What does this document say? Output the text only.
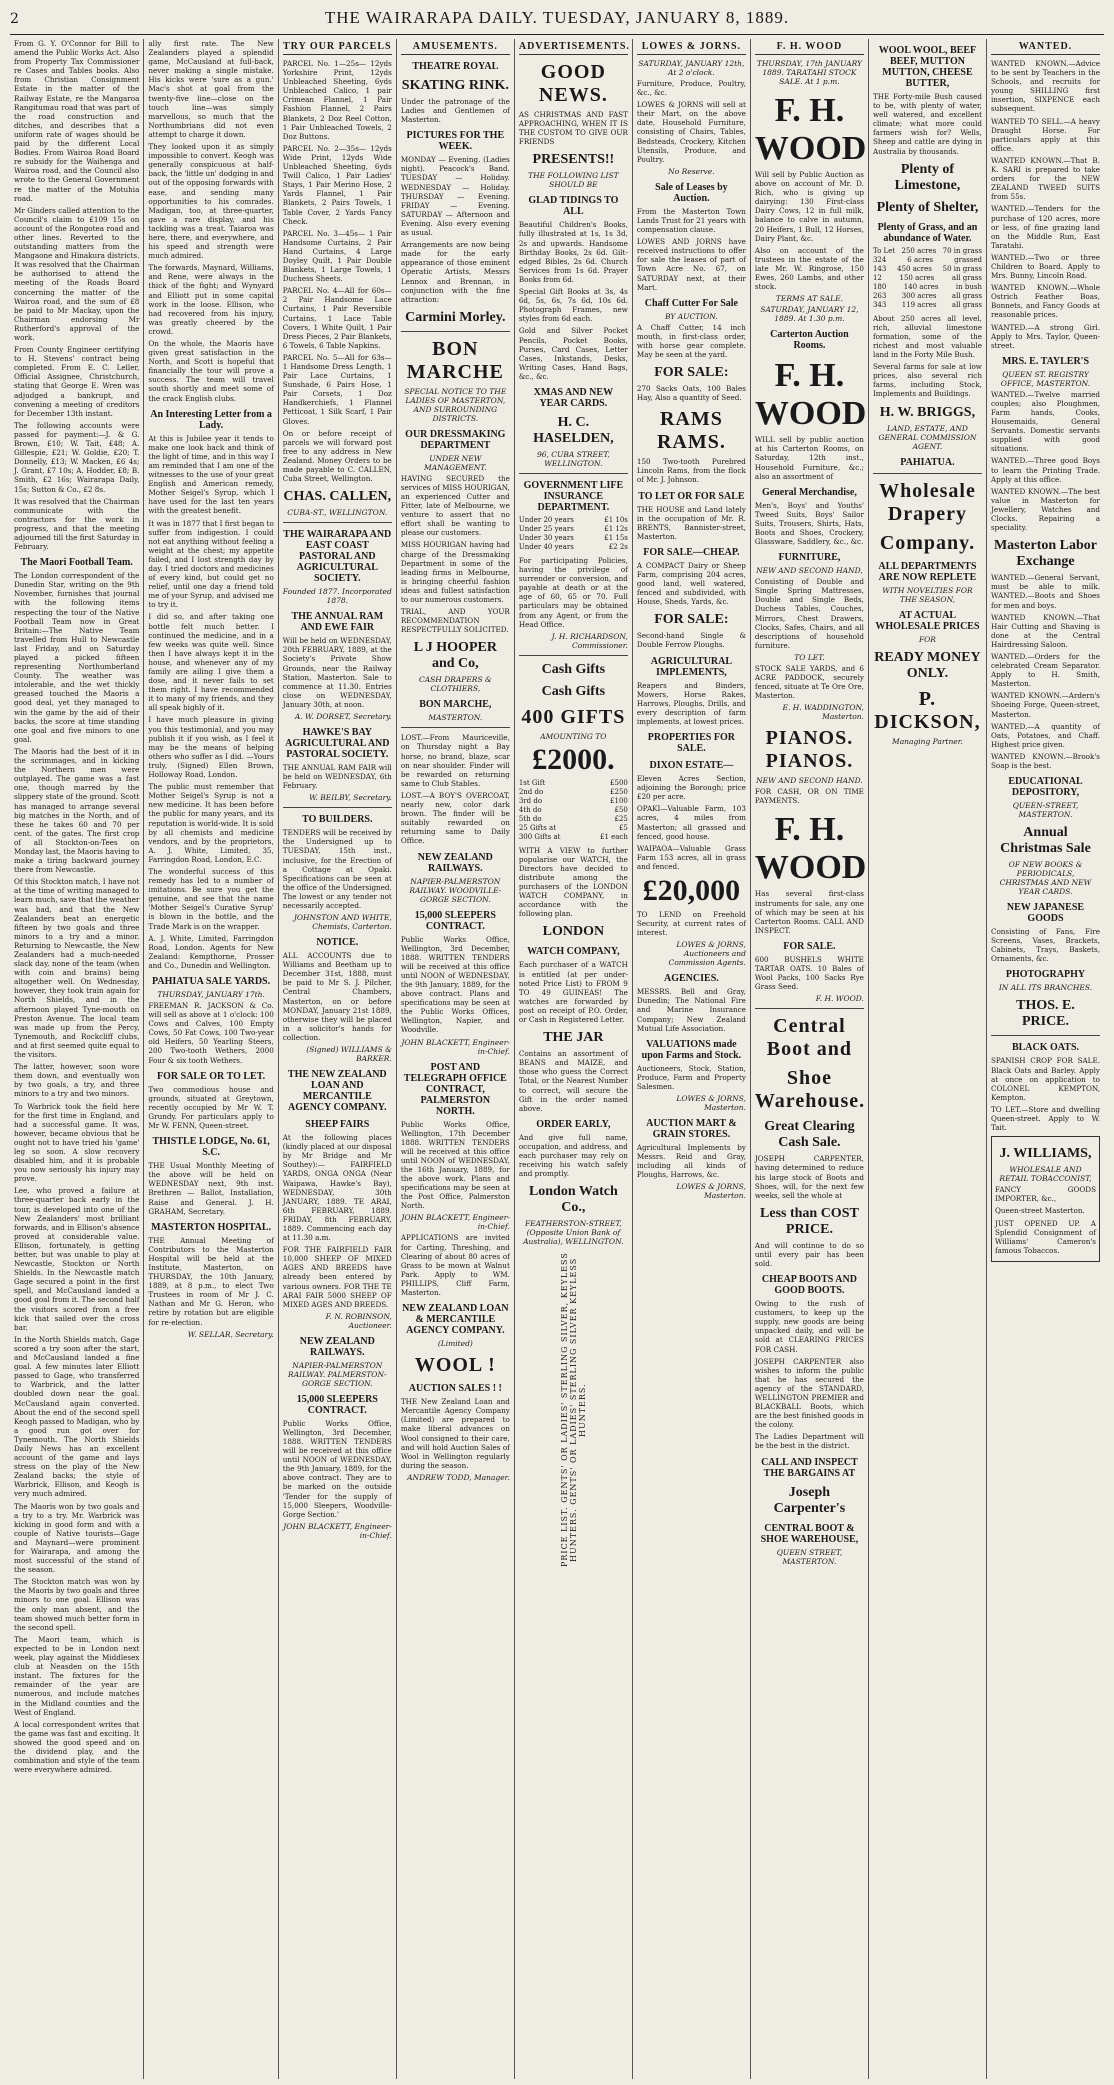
2	THE WAIRARAPA DAILY. TUESDAY, JANUARY 8, 1889.

From G. Y. O'Connor for Bill to amend the Public Works Act. Also from Property Tax Commissioner re Cases and Tables books. Also from Christian Consignment Estate in the matter of the Railway Estate, re the Mangaroa Rangitumau road that was part of the road construction and ditches, and describes that a uniform rate of wages should be paid by the different Local Bodies. From Wairoa Road Board re subsidy for the Waihenga and Wairoa road, and the Council also wrote to the General Government re the matter of the Motuhia road.

Mr Ginders called attention to the Council's claim to £109 15s on account of the Rongotea road and other lines. Reverted to the outstanding matters from the Mangaone and Hinakura districts. It was resolved that the Chairman be authorised to attend the meeting of the Roads Board concerning the matter of the Wairoa road, and the sum of £8 be paid to Mr Mackay, upon the Chairman endorsing Mr Rutherford's approval of the work.

From County Engineer certifying to H. Stevens' contract being completed. From E. C. Leller, Official Assignee, Christchurch, stating that George E. Wren was adjudged a bankrupt, and convening a meeting of creditors for December 13th instant.

The following accounts were passed for payment:—J. & G. Brown, £10; W. Tait, £48; A. Gillespie, £21; W. Goldie, £20; T. Donnelly, £13; W. Macken, £6 4s; J. Grant, £7 10s; A. Hodder, £8; B. Smith, £2 16s; Wairarapa Daily, 15s; Sutton & Co., £2 8s.

It was resolved that the Chairman communicate with the contractors for the work in progress, and that the meeting adjourned till the first Saturday in February.

The Maori Football Team.

The London correspondent of the Dunedin Star, writing on the 9th November, furnishes that journal with the following items respecting the tour of the Native Football Team now in Great Britain:—The Native Team travelled from Hull to Newcastle last Friday, and on Saturday played a picked fifteen representing Northumberland County. The weather was intolerable, and the wet thickly greased touched the Maoris a good deal, yet they managed to win the game by the aid of their backs, the score at time standing one goal and five minors to one goal.

The Maoris had the best of it in the scrimmages, and in kicking the Northern men were outplayed. The game was a fast one, though marred by the slippery state of the ground. Scott has managed to arrange several big matches in the North, and of these he takes 60 and 70 per cent. of the gates. The first crop of all Stockton-on-Tees on Monday last, the Maoris having to make a tiring backward journey there from Newcastle.

Of this Stockton match, I have not at the time of writing managed to learn much, save that the weather was bad, and that the New Zealanders beat an energetic fifteen by two goals and three minors to a try and a minor. Returning to Newcastle, the New Zealanders had a much-needed slack day, none of the team (when with coin and brains) being altogether well. On Wednesday, however, they took train again for North Shields, and in the afternoon played Tyne-mouth on Preston Avenue. The local team was made up from the Percy, Tynemouth, and Rockcliff clubs, and at first seemed quite equal to the visitors.

The latter, however, soon wore them down, and eventually won by two goals, a try, and three minors to a try and two minors.

To Warbrick took the field here for the first time in England, and had a successful game. It was, however, became obvious that he ought not to have tried his 'game' leg so soon. A slow recovery disabled him, and it is probable you now seriously his injury may prove.

Lee, who proved a failure at three-quarter back early in the tour, is developed into one of the New Zealanders' most brilliant forwards, and in Ellison's absence proved at considerable value. Ellison, fortunately, is getting better, but was unable to play at Newcastle, Stockton or North Shields. In the Newcastle match Gage secured a point in the first spell, and McCausland landed a good goal from it. The second half the visitors scored from a free kick that sailed over the cross bar.

In the North Shields match, Gage scored a try soon after the start, and McCausland landed a fine goal. A few minutes later Elliott passed to Gage, who transferred to Warbrick, and the latter doubled down near the goal. McCausland again converted. About the end of the second spell Keogh passed to Madigan, who by a good run got over for Tynemouth. The North Shields Daily News has an excellent account of the game and lays stress on the play of the New Zealand backs; the style of Warbrick, Ellison, and Keogh is very much admired.

The Maoris won by two goals and a try to a try. Mr. Warbrick was kicking in good form and with a couple of Native tourists—Gage and Maynard—were prominent for Wairarapa, and among the most successful of the stand of the season.

The Stockton match was won by the Maoris by two goals and three minors to one goal. Ellison was the only man absent, and the team showed much better form in the second spell.

The Maori team, which is expected to be in London next week, play against the Middlesex club at Neasden on the 15th instant. The fixtures for the remainder of the year are numerous, and include matches in the Midland counties and the West of England.

A local correspondent writes that the game was fast and exciting. It showed the good speed and on the dividend play, and the combination and style of the team were everywhere admired.

ally first rate. The New Zealanders played a splendid game, McCausland at full-back, never making a single mistake. His kicks were 'sure as a gun.' Mac's shot at goal from the twenty-five line—close on the touch line—was simply marvellous, so much that the Northumbrians did not even attempt to charge it down.

They looked upon it as simply impossible to convert. Keogh was generally conspicuous at half-back, the 'little un' dodging in and out of the opposing forwards with ease, and sending many opportunities to his comrades. Madigan, too, at three-quarter, gave a rare display, and his tackling was a treat. Taiaroa was here, there, and everywhere, and his speed and strength were much admired.

The forwards, Maynard, Williams, and Rene, were always in the thick of the fight; and Wynyard and Elliott put in some capital work in the loose. Ellison, who had recovered from his injury, was greatly cheered by the crowd.

On the whole, the Maoris have given great satisfaction in the North, and Scott is hopeful that financially the tour will prove a success. The team will travel south shortly and meet some of the crack English clubs.

An Interesting Letter from a Lady.

At this is Jubilee year it tends to make one look back and think of the light of time, and in this way I am reminded that I am one of the witnesses to the use of your great English and American remedy, Mother Seigel's Syrup, which I have used for the last ten years with the greatest benefit.

It was in 1877 that I first began to suffer from indigestion. I could not eat anything without feeling a weight at the chest; my appetite failed, and I lost strength day by day. I tried doctors and medicines of every kind, but could get no relief, until one day a friend told me of your Syrup, and advised me to try it.

I did so, and after taking one bottle felt much better. I continued the medicine, and in a few weeks was quite well. Since then I have always kept it in the house, and whenever any of my family are ailing I give them a dose, and it never fails to set them right. I have recommended it to many of my friends, and they all speak highly of it.

I have much pleasure in giving you this testimonial, and you may publish it if you wish, as I feel it may be the means of helping others who suffer as I did. —Yours truly, (Signed) Ellen Brown, Holloway Road, London.

The public must remember that Mother Seigel's Syrup is not a new medicine. It has been before the public for many years, and its reputation is world-wide. It is sold by all chemists and medicine vendors, and by the proprietors, A. J. White, Limited, 35, Farringdon Road, London, E.C.

The wonderful success of this remedy has led to a number of imitations. Be sure you get the genuine, and see that the name 'Mother Seigel's Curative Syrup' is blown in the bottle, and the Trade Mark is on the wrapper.

A. J. White, Limited, Farringdon Road, London. Agents for New Zealand: Kempthorne, Prosser and Co., Dunedin and Wellington.

PAHIATUA SALE YARDS.
THURSDAY, JANUARY 17th.

FREEMAN R. JACKSON & Co. will sell as above at 1 o'clock: 100 Cows and Calves, 100 Empty Cows, 50 Fat Cows, 100 Two-year old Heifers, 50 Yearling Steers, 200 Two-tooth Wethers, 2000 Four & six tooth Wethers.

FOR SALE OR TO LET.

Two commodious house and grounds, situated at Greytown, recently occupied by Mr W. T. Grundy. For particulars apply to Mr W. FENN, Queen-street.

THISTLE LODGE, No. 61, S.C.

THE Usual Monthly Meeting of the above will be held on WEDNESDAY next, 9th inst. Brethren — Ballot, Installation, Raise and General. J. H. GRAHAM, Secretary.

MASTERTON HOSPITAL.

THE Annual Meeting of Contributors to the Masterton Hospital will be held at the Institute, Masterton, on THURSDAY, the 10th January, 1889, at 8 p.m., to elect Two Trustees in room of Mr J. C. Nathan and Mr G. Heron, who retire by rotation but are eligible for re-election.

W. SELLAR, Secretary.
TRY OUR PARCELS

PARCEL No. 1—25s— 12yds Yorkshire Print, 12yds Unbleached Sheeting, 6yds Unbleached Calico, 1 pair Crimean Flannel, 1 Pair Fashion Flannel, 2 Pairs Blankets, 2 Doz Reel Cotton, 1 Pair Unbleached Towels, 2 Doz Buttons.

PARCEL No. 2—35s— 12yds Wide Print, 12yds Wide Unbleached Sheeting, 6yds Twill Calico, 1 Pair Ladies' Stays, 1 Pair Merino Hose, 2 Yards Flannel, 1 Pair Blankets, 2 Pairs Towels, 1 Table Cover, 2 Yards Fancy Check.

PARCEL No. 3—45s— 1 Pair Handsome Curtains, 2 Pair Hand Curtains, 4 Large Doyley Quilt, 1 Pair Double Blankets, 1 Large Towels, 1 Duchess Sheets.

PARCEL No. 4—All for 60s— 2 Pair Handsome Lace Curtains, 1 Pair Reversible Curtains, 1 Lace Table Covers, 1 White Quilt, 1 Pair Dress Pieces, 2 Pair Blankets, 6 Towels, 6 Table Napkins.

PARCEL No. 5—All for 63s— 1 Handsome Dress Length, 1 Pair Lace Curtains, 1 Sunshade, 6 Pairs Hose, 1 Pair Corsets, 1 Doz Handkerchiefs, 1 Flannel Petticoat, 1 Silk Scarf, 1 Pair Gloves.

On or before receipt of parcels we will forward post free to any address in New Zealand. Money Orders to be made payable to C. CALLEN, Cuba Street, Wellington.

CHAS. CALLEN,
CUBA-ST., WELLINGTON.
THE WAIRARAPA AND EAST COAST PASTORAL AND AGRICULTURAL SOCIETY.
Founded 1877. Incorporated 1878.
THE ANNUAL RAM AND EWE FAIR

Will be held on WEDNESDAY, 20th FEBRUARY, 1889, at the Society's Private Show Grounds, near the Railway Station, Masterton. Sale to commence at 11.30. Entries close on WEDNESDAY, January 30th, at noon.

A. W. DORSET, Secretary.
HAWKE'S BAY AGRICULTURAL AND PASTORAL SOCIETY.

THE ANNUAL RAM FAIR will be held on WEDNESDAY, 6th February.

W. BEILBY, Secretary.
TO BUILDERS.

TENDERS will be received by the Undersigned up to TUESDAY, 15th inst., inclusive, for the Erection of a Cottage at Opaki. Specifications can be seen at the office of the Undersigned. The lowest or any tender not necessarily accepted.

JOHNSTON AND WHITE, Chemists, Carterton.
NOTICE.

ALL ACCOUNTS due to Williams and Beetham up to December 31st, 1888, must be paid to Mr S. J. Pilcher, Central Chambers, Masterton, on or before MONDAY, January 21st 1889, otherwise they will be placed in a solicitor's hands for collection.

(Signed) WILLIAMS & BARKER.
THE NEW ZEALAND LOAN AND MERCANTILE AGENCY COMPANY.
SHEEP FAIRS

At the following places (kindly placed at our disposal by Mr Bridge and Mr Southey):— FAIRFIELD YARDS, ONGA ONGA (Near Waipawa, Hawke's Bay), WEDNESDAY, 30th JANUARY, 1889. TE ARAI, 6th FEBRUARY, 1889. FRIDAY, 8th FEBRUARY, 1889. Commencing each day at 11.30 a.m.

FOR THE FAIRFIELD FAIR 10,000 SHEEP OF MIXED AGES AND BREEDS have already been entered by various owners. FOR THE TE ARAI FAIR 5000 SHEEP OF MIXED AGES AND BREEDS.

F. N. ROBINSON, Auctioneer.
NEW ZEALAND RAILWAYS.
NAPIER-PALMERSTON RAILWAY. PALMERSTON-GORGE SECTION.
15,000 SLEEPERS CONTRACT.

Public Works Office, Wellington, 3rd December, 1888. WRITTEN TENDERS will be received at this office until NOON of WEDNESDAY, the 9th January, 1889, for the above contract. They are to be marked on the outside 'Tender for the supply of 15,000 Sleepers, Woodville-Gorge Section.'

JOHN BLACKETT, Engineer-in-Chief.
AMUSEMENTS.
THEATRE ROYAL
SKATING RINK.

Under the patronage of the Ladies and Gentlemen of Masterton.

PICTURES FOR THE WEEK.

MONDAY — Evening. (Ladies night). Peacock's Band. TUESDAY — Holiday. WEDNESDAY — Holiday. THURSDAY — Evening. FRIDAY — Evening. SATURDAY — Afternoon and Evening. Also every evening as usual.

Arrangements are now being made for the early appearance of those eminent Operatic Artists, Messrs Lennox and Brennan, in conjunction with the fine attraction:

Carmini Morley.
BON MARCHE
SPECIAL NOTICE TO THE LADIES OF MASTERTON, AND SURROUNDING DISTRICTS.
OUR DRESSMAKING DEPARTMENT
UNDER NEW MANAGEMENT.

HAVING SECURED the services of MISS HOURIGAN, an experienced Cutter and Fitter, late of Melbourne, we venture to assert that no effort shall be wanting to please our customers.

MISS HOURIGAN having had charge of the Dressmaking Department in some of the leading firms in Melbourne, is bringing cheerful fashion ideas and fullest satisfaction to our numerous customers.

TRIAL, AND YOUR RECOMMENDATION RESPECTFULLY SOLICITED.

L J HOOPER and Co,
CASH DRAPERS & CLOTHIERS,
BON MARCHE,
MASTERTON.

LOST.—From Mauriceville, on Thursday night a Bay horse, no brand, blaze, scar on near shoulder. Finder will be rewarded on returning same to Club Stables.

LOST.—A BOY'S OVERCOAT, nearly new, color dark brown. The finder will be suitably rewarded on returning same to Daily Office.

NEW ZEALAND RAILWAYS.
NAPIER-PALMERSTON RAILWAY. WOODVILLE-GORGE SECTION.
15,000 SLEEPERS CONTRACT.

Public Works Office, Wellington, 3rd December, 1888. WRITTEN TENDERS will be received at this office until NOON of WEDNESDAY, the 9th January, 1889, for the above contract. Plans and specifications may be seen at the Public Works Offices, Wellington, Napier, and Woodville.

JOHN BLACKETT, Engineer-in-Chief.
POST AND TELEGRAPH OFFICE CONTRACT, PALMERSTON NORTH.

Public Works Office, Wellington, 17th December 1888. WRITTEN TENDERS will be received at this office until NOON of WEDNESDAY, the 16th January, 1889, for the above work. Plans and specifications may be seen at the Post Office, Palmerston North.

JOHN BLACKETT, Engineer-in-Chief.

APPLICATIONS are invited for Carting, Threshing, and Clearing of about 80 acres of Grass to be mown at Walnut Park. Apply to WM. PHILLIPS, Cliff Farm, Masterton.

NEW ZEALAND LOAN & MERCANTILE AGENCY COMPANY.
(Limited)
WOOL !
AUCTION SALES ! !

THE New Zealand Loan and Mercantile Agency Company (Limited) are prepared to make liberal advances on Wool consigned to their care, and will hold Auction Sales of Wool in Wellington regularly during the season.

ANDREW TODD, Manager.
ADVERTISEMENTS.
GOOD NEWS.

AS CHRISTMAS AND FAST APPROACHING, WHEN IT IS THE CUSTOM TO GIVE OUR FRIENDS

PRESENTS!!
THE FOLLOWING LIST SHOULD BE
GLAD TIDINGS TO ALL

Beautiful Children's Books, fully illustrated at 1s, 1s 3d, 2s and upwards. Handsome Birthday Books, 2s 6d. Gilt-edged Bibles, 2s 6d. Church Services from 1s 6d. Prayer Books from 6d.

Special Gift Books at 3s, 4s 6d, 5s, 6s, 7s 6d, 10s 6d. Photograph Frames, new styles from 6d each.

Gold and Silver Pocket Pencils, Pocket Books, Purses, Card Cases, Letter Cases, Inkstands, Desks, Writing Cases, Hand Bags, &c., &c.

XMAS AND NEW YEAR CARDS.
H. C. HASELDEN,
96, CUBA STREET, WELLINGTON.
GOVERNMENT LIFE INSURANCE DEPARTMENT.
Under 20 years	£1 10s
Under 25 years	£1 12s
Under 30 years	£1 15s
Under 40 years	£2 2s

For participating Policies, having the privilege of surrender or conversion, and payable at death or at the age of 60, 65 or 70. Full particulars may be obtained from any Agent, or from the Head Office.

J. H. RICHARDSON, Commissioner.
Cash Gifts
Cash Gifts
400 GIFTS
AMOUNTING TO
£2000.
1st Gift	£500
2nd do	£250
3rd do	£100
4th do	£50
5th do	£25
25 Gifts at	£5
300 Gifts at	£1 each

WITH A VIEW to further popularise our WATCH, the Directors have decided to distribute among the purchasers of the LONDON WATCH COMPANY, in accordance with the following plan.

LONDON
WATCH COMPANY,

Each purchaser of a WATCH is entitled (at per under-noted Price List) to FROM 9 TO 49 GUINEAS! The watches are forwarded by post on receipt of P.O. Order, or Cash in Registered Letter.

THE JAR

Contains an assortment of BEANS and MAIZE, and those who guess the Correct Total, or the Nearest Number to correct, will secure the Gift in the order named above.

ORDER EARLY,

And give full name, occupation, and address, and each purchaser may rely on receiving his watch safely and promptly.

London Watch Co.,
FEATHERSTON-STREET, (Opposite Union Bank of Australia), WELLINGTON.
PRICE LIST. GENTS' OR LADIES' STERLING SILVER, KEYLESS HUNTERS. GENTS' OR LADIES' STERLING SILVER KEYLESS HUNTERS.
LOWES & JORNS.
SATURDAY, JANUARY 12th, At 2 o'clock.

Furniture, Produce, Poultry, &c., &c.

LOWES & JORNS will sell at their Mart, on the above date, Household Furniture, consisting of Chairs, Tables, Bedsteads, Crockery, Kitchen Utensils, Produce, and Poultry.

No Reserve.
Sale of Leases by Auction.

From the Masterton Town Lands Trust for 21 years with compensation clause.

LOWES AND JORNS have received instructions to offer for sale the leases of part of Town Acre No. 67, on SATURDAY next, at their Mart.

Chaff Cutter For Sale
BY AUCTION.

A Chaff Cutter, 14 inch mouth, in first-class order, with horse gear complete. May be seen at the yard.

FOR SALE:

270 Sacks Oats, 100 Bales Hay, Also a quantity of Seed.

RAMS RAMS.

150 Two-tooth Purebred Lincoln Rams, from the flock of Mr. J. Johnson.

TO LET OR FOR SALE

THE HOUSE and Land lately in the occupation of Mr. R. BRENTS, Bannister-street, Masterton.

FOR SALE—CHEAP.

A COMPACT Dairy or Sheep Farm, comprising 204 acres, good land, well watered, fenced and subdivided, with House, Sheds, Yards, &c.

FOR SALE:

Second-hand Single & Double Ferrow Ploughs.

AGRICULTURAL IMPLEMENTS,

Reapers and Binders, Mowers, Horse Rakes, Harrows, Ploughs, Drills, and every description of farm implements, at lowest prices.

PROPERTIES FOR SALE.
DIXON ESTATE—

Eleven Acres Section, adjoining the Borough; price £20 per acre.

OPAKI—Valuable Farm, 103 acres, 4 miles from Masterton; all grassed and fenced, good house.

WAIPAOA—Valuable Grass Farm 153 acres, all in grass and fenced.

£20,000

TO LEND on Freehold Security, at current rates of interest.

LOWES & JORNS, Auctioneers and Commission Agents.
AGENCIES.

MESSRS. Bell and Gray, Dunedin; The National Fire and Marine Insurance Company; New Zealand Mutual Life Association.

VALUATIONS made upon Farms and Stock.

Auctioneers, Stock, Station, Produce, Farm and Property Salesmen.

LOWES & JORNS, Masterton.
AUCTION MART & GRAIN STORES.

Agricultural Implements by Messrs. Reid and Gray, including all kinds of Ploughs, Harrows, &c.

LOWES & JORNS, Masterton.
F. H. WOOD
THURSDAY, 17th JANUARY 1889. TARATAHI STOCK SALE. At 1 p.m.
F. H. WOOD

Will sell by Public Auction as above on account of Mr. D. Rich, who is giving up dairying: 130 First-class Dairy Cows, 12 in full milk, balance to calve in autumn, 20 Heifers, 1 Bull, 12 Horses, Dairy Plant, &c.

Also on account of the trustees in the estate of the late Mr. W. Ringrose, 150 Ewes, 260 Lambs, and other stock.

TERMS AT SALE.
SATURDAY, JANUARY 12, 1889. At 1.30 p.m.
Carterton Auction Rooms.
F. H. WOOD

WILL sell by public auction at his Carterton Rooms, on Saturday, 12th inst., Household Furniture, &c.; also an assortment of

General Merchandise,

Men's, Boys' and Youths' Tweed Suits, Boys' Sailor Suits, Trousers, Shirts, Hats, Boots and Shoes, Crockery, Glassware, Saddlery, &c., &c.

FURNITURE,
NEW AND SECOND HAND,

Consisting of Double and Single Spring Mattresses, Double and Single Beds, Duchess Tables, Couches, Mirrors, Chest Drawers, Clocks, Safes, Chairs, and all descriptions of household furniture.

TO LET.

STOCK SALE YARDS, and 6 ACRE PADDOCK, securely fenced, situate at Te Ore Ore, Masterton.

E. H. WADDINGTON, Masterton.
PIANOS. PIANOS.
NEW AND SECOND HAND.

FOR CASH, OR ON TIME PAYMENTS.

F. H. WOOD

Has several first-class instruments for sale, any one of which may be seen at his Carterton Rooms. CALL AND INSPECT.

FOR SALE.

600 BUSHELS WHITE TARTAR OATS. 10 Bales of Wool Packs, 100 Sacks Rye Grass Seed.

F. H. WOOD.
Central Boot and
Shoe Warehouse.
Great Clearing Cash Sale.

JOSEPH CARPENTER, having determined to reduce his large stock of Boots and Shoes, will, for the next few weeks, sell the whole at

Less than COST PRICE.

And will continue to do so until every pair has been sold.

CHEAP BOOTS AND GOOD BOOTS.

Owing to the rush of customers, to keep up the supply, new goods are being unpacked daily, and will be sold at CLEARING PRICES FOR CASH.

JOSEPH CARPENTER also wishes to inform the public that he has secured the agency of the STANDARD, WELLINGTON PREMIER and BLACKBALL Boots, which are the best finished goods in the colony.

The Ladies Department will be the best in the district.

CALL AND INSPECT THE BARGAINS AT
Joseph Carpenter's
CENTRAL BOOT & SHOE WAREHOUSE,
QUEEN STREET, MASTERTON.
WOOL WOOL, BEEF BEEF, MUTTON MUTTON, CHEESE BUTTER,

THE Forty-mile Bush caused to be, with plenty of water, well watered, and excellent climate; what more could farmers wish for? Wells, Sheep and cattle are dying in Australia by thousands.

Plenty of Limestone,
Plenty of Shelter,
Plenty of Grass, and an abundance of Water.
To Let 250 acres 70 in grass
324	6 acres	grassed
143 450 acres 50 in grass
12	150 acres	all grass
180 140 acres in bush
263 300 acres all grass
343 119 acres all grass

About 250 acres all level, rich, alluvial limestone formation, some of the richest and most valuable land in the Forty Mile Bush.

Several farms for sale at low prices, also several rich farms, including Stock, Implements and Buildings.

H. W. BRIGGS,
LAND, ESTATE, AND GENERAL COMMISSION AGENT.
PAHIATUA.
Wholesale Drapery
Company.
ALL DEPARTMENTS ARE NOW REPLETE
WITH NOVELTIES FOR THE SEASON,
AT ACTUAL WHOLESALE PRICES
FOR
READY MONEY ONLY.
P. DICKSON,
Managing Partner.
WANTED.

WANTED KNOWN.—Advice to be sent by Teachers in the Schools, and recruits for young SHILLING first insertion, SIXPENCE each subsequent.

WANTED TO SELL.—A heavy Draught Horse. For particulars apply at this office.

WANTED KNOWN.—That B. K. SARI is prepared to take orders for the NEW ZEALAND TWEED SUITS from 55s.

WANTED.—Tenders for the purchase of 120 acres, more or less, of fine grazing land on the Middle Run, East Taratahi.

WANTED.—Two or three Children to Board. Apply to Mrs. Bunny, Lincoln Road.

WANTED KNOWN.—Whole Ostrich Feather Boas, Bonnets, and Fancy Goods at reasonable prices.

WANTED.—A strong Girl. Apply to Mrs. Taylor, Queen-street.

MRS. E. TAYLER'S
QUEEN ST. REGISTRY OFFICE, MASTERTON.

WANTED.—Twelve married couples; also Ploughmen, Farm hands, Cooks, Housemaids, General Servants. Domestic servants supplied with good situations.

WANTED.—Three good Boys to learn the Printing Trade. Apply at this office.

WANTED KNOWN.—The best value in Masterton for Jewellery, Watches and Clocks. Repairing a speciality.

Masterton Labor Exchange

WANTED.—General Servant, must be able to milk. WANTED.—Boots and Shoes for men and boys.

WANTED KNOWN.—That Hair Cutting and Shaving is done at the Central Hairdressing Saloon.

WANTED.—Orders for the celebrated Cream Separator. Apply to H. Smith, Masterton.

WANTED KNOWN.—Ardern's Shoeing Forge, Queen-street, Masterton.

WANTED.—A quantity of Oats, Potatoes, and Chaff. Highest price given.

WANTED KNOWN.—Brook's Soap is the best.

EDUCATIONAL DEPOSITORY,
QUEEN-STREET, MASTERTON.
Annual Christmas Sale
OF NEW BOOKS & PERIODICALS, CHRISTMAS AND NEW YEAR CARDS.
NEW JAPANESE GOODS

Consisting of Fans, Fire Screens, Vases, Brackets, Cabinets, Trays, Baskets, Ornaments, &c.

PHOTOGRAPHY
IN ALL ITS BRANCHES.
THOS. E. PRICE.
BLACK OATS.

SPANISH CROP FOR SALE. Black Oats and Barley. Apply at once on application to COLONEL KEMPTON, Kempton.

TO LET.—Store and dwelling Queen-street. Apply to W. Tait.

J. WILLIAMS,
WHOLESALE AND RETAIL TOBACCONIST,

FANCY GOODS IMPORTER, &c.,

Queen-street Masterton.

JUST OPENED UP. A Splendid Consignment of Williams' Cameron's famous Tobaccos.
